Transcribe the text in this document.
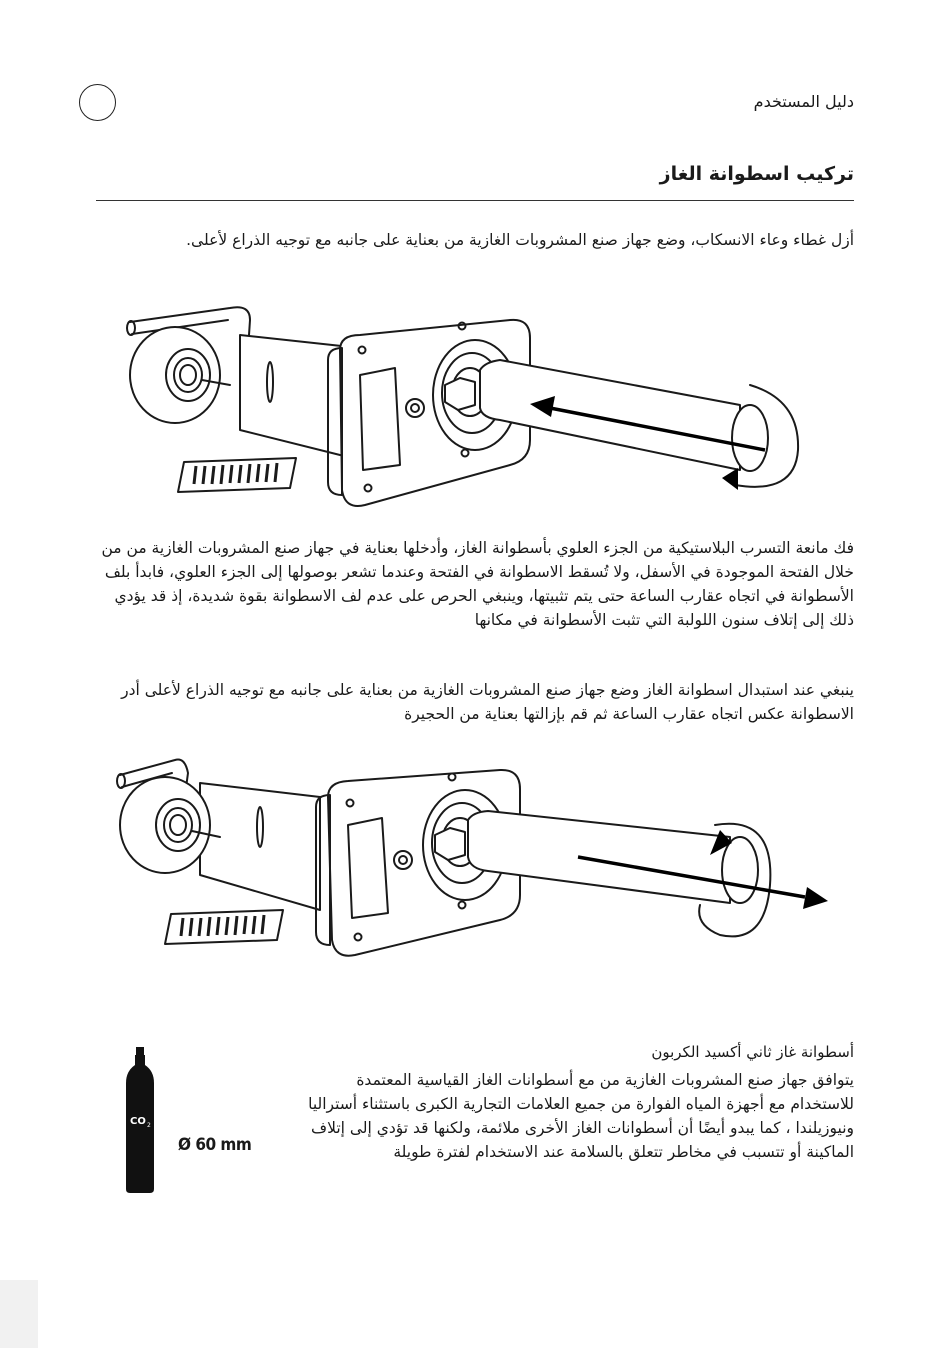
دليل المستخدم
تركيب اسطوانة الغاز
أزل غطاء وعاء الانسكاب، وضع جهاز صنع المشروبات الغازية من بعناية على جانبه مع توجيه الذراع لأعلى.
فك مانعة التسرب البلاستيكية من الجزء العلوي بأسطوانة الغاز، وأدخلها بعناية في جهاز صنع المشروبات الغازية من من خلال الفتحة الموجودة في الأسفل، ولا تُسقط الاسطوانة في الفتحة وعندما تشعر بوصولها إلى الجزء العلوي، فابدأ بلف الأسطوانة في اتجاه عقارب الساعة حتى يتم تثبيتها، وينبغي الحرص على عدم لف الاسطوانة بقوة شديدة، إذ قد يؤدي ذلك إلى إتلاف سنون اللولبة التي تثبت الأسطوانة في مكانها
ينبغي عند استبدال اسطوانة الغاز وضع جهاز صنع المشروبات الغازية من بعناية على جانبه مع توجيه الذراع لأعلى أدر الاسطوانة عكس اتجاه عقارب الساعة ثم قم بإزالتها بعناية من الحجيرة
أسطوانة غاز ثاني أكسيد الكربون
يتوافق جهاز صنع المشروبات الغازية من مع أسطوانات الغاز القياسية المعتمدة للاستخدام مع أجهزة المياه الفوارة من جميع العلامات التجارية الكبرى باستثناء أستراليا ونيوزيلندا ، كما يبدو أيضًا أن أسطوانات الغاز الأخرى ملائمة، ولكنها قد تؤدي إلى إتلاف الماكينة أو تتسبب في مخاطر تتعلق بالسلامة عند الاستخدام لفترة طويلة
CO 2
Ø 60 mm
